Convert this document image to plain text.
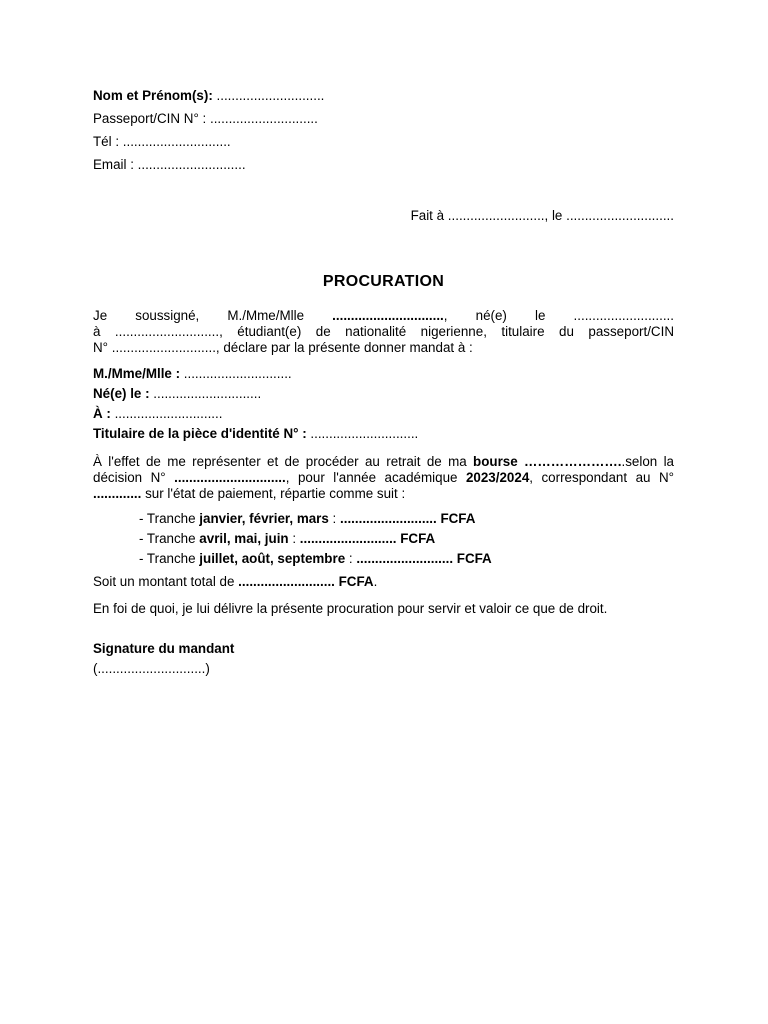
Nom et Prénom(s): .............................
Passeport/CIN N° : .............................
Tél : .............................
Email : .............................
Fait à .........................., le .............................
PROCURATION
Je soussigné, M./Mme/Mlle .............................., né(e) le ...........................
à ............................, étudiant(e) de nationalité nigerienne, titulaire du passeport/CIN
N° ............................, déclare par la présente donner mandat à :
M./Mme/Mlle : .............................
Né(e) le : .............................
À : .............................
Titulaire de la pièce d'identité N° : .............................
À l'effet de me représenter et de procéder au retrait de ma bourse …………………..selon la
décision N° .............................., pour l'année académique 2023/2024, correspondant au N°
............. sur l'état de paiement, répartie comme suit :
- Tranche janvier, février, mars : .......................... FCFA
- Tranche avril, mai, juin : .......................... FCFA
- Tranche juillet, août, septembre : .......................... FCFA
Soit un montant total de .......................... FCFA.
En foi de quoi, je lui délivre la présente procuration pour servir et valoir ce que de droit.
Signature du mandant
(.............................)
